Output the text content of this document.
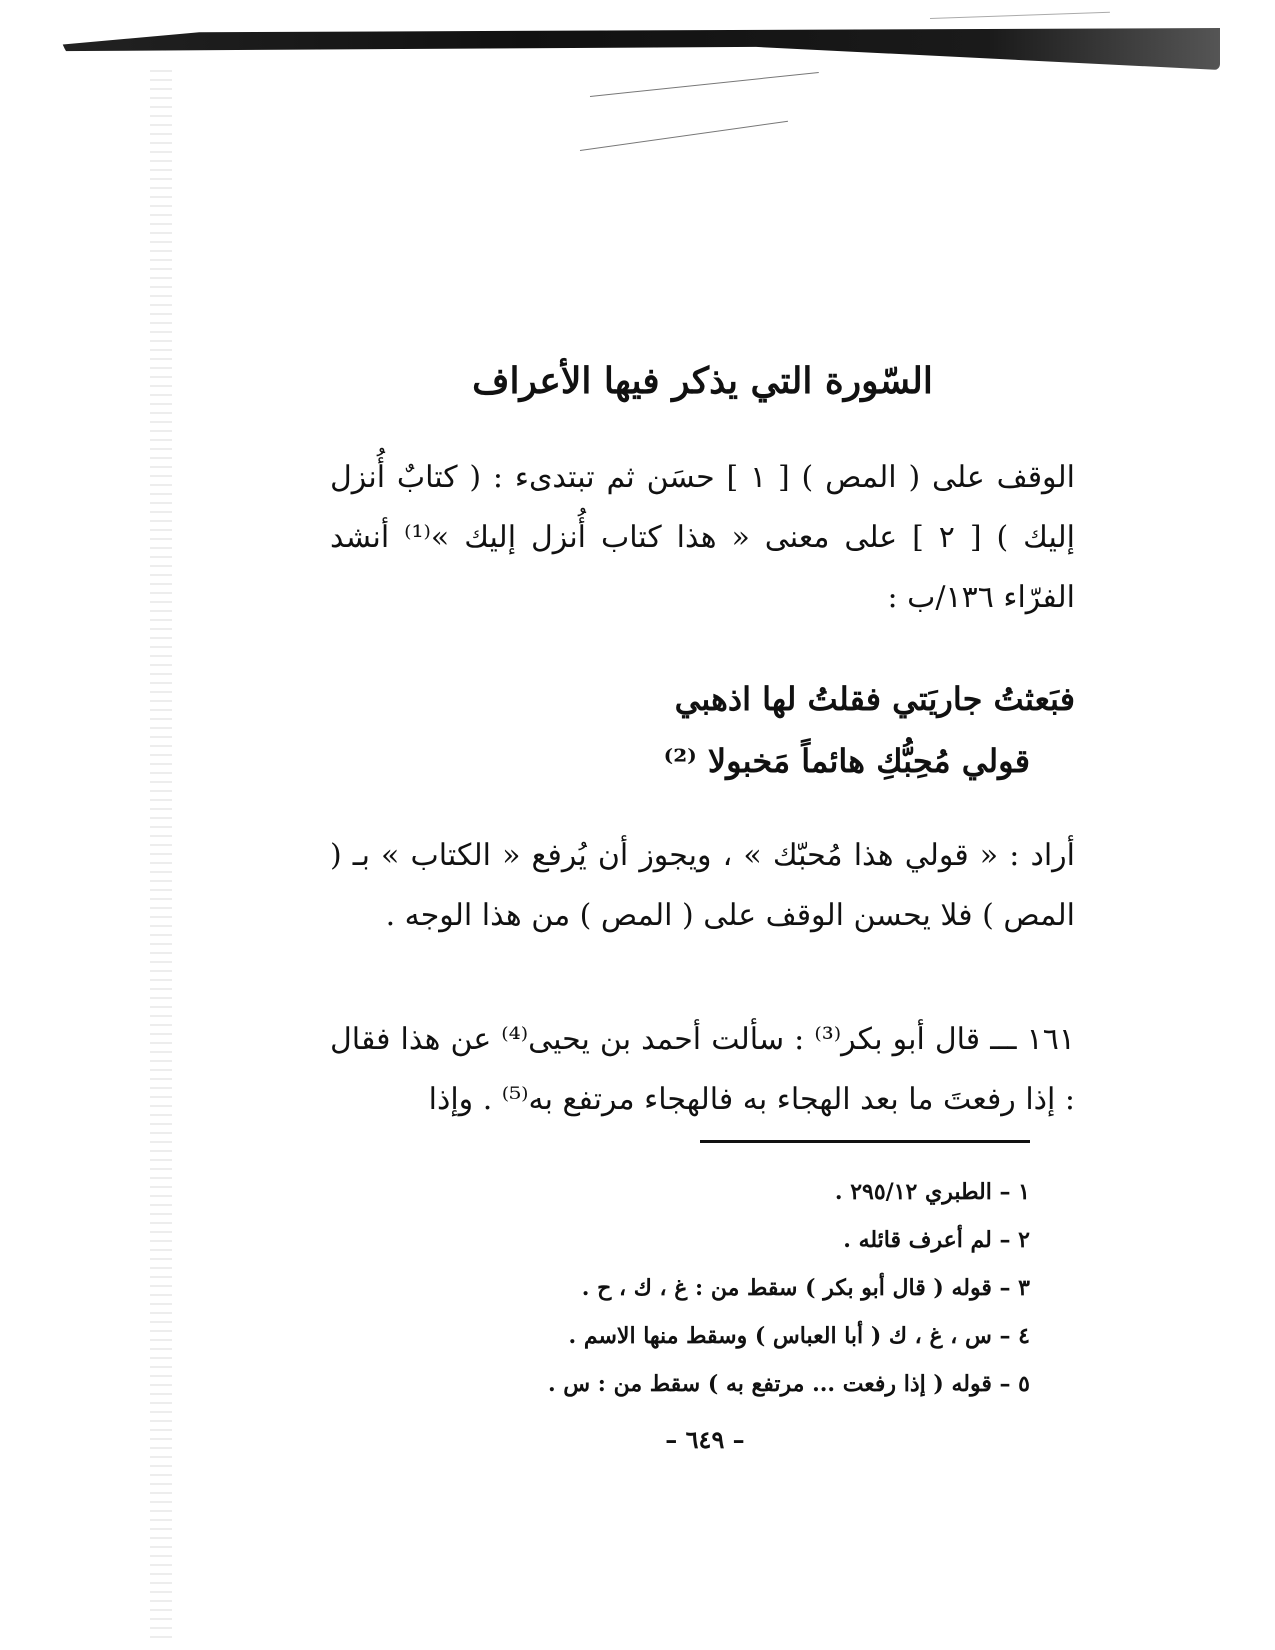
السّورة التي يذكر فيها الأعراف

الوقف على ( المص ) [ ١ ] حسَن ثم تبتدىء : ( كتابٌ أُنزل إليك ) [ ٢ ] على معنى « هذا كتاب أُنزل إليك »⁽¹⁾ أنشد الفرّاء ١٣٦/ب :

فبَعثتُ جاريَتي فقلتُ لها اذهبي
قولي مُحِبُّكِ هائماً مَخبولا ⁽²⁾

أراد : « قولي هذا مُحبّك » ، ويجوز أن يُرفع « الكتاب » بـ ( المص ) فلا يحسن الوقف على ( المص ) من هذا الوجه .

١٦١ ـــ قال أبو بكر⁽³⁾ : سألت أحمد بن يحيى⁽⁴⁾ عن هذا فقال : إذا رفعتَ ما بعد الهجاء به فالهجاء مرتفع به⁽⁵⁾ . وإذا

١ – الطبري ٢٩٥/١٢ .
٢ – لم أعرف قائله .
٣ – قوله ( قال أبو بكر ) سقط من : غ ، ك ، ح .
٤ – س ، غ ، ك ( أبا العباس ) وسقط منها الاسم .
٥ – قوله ( إذا رفعت ... مرتفع به ) سقط من : س .
– ٦٤٩ –
